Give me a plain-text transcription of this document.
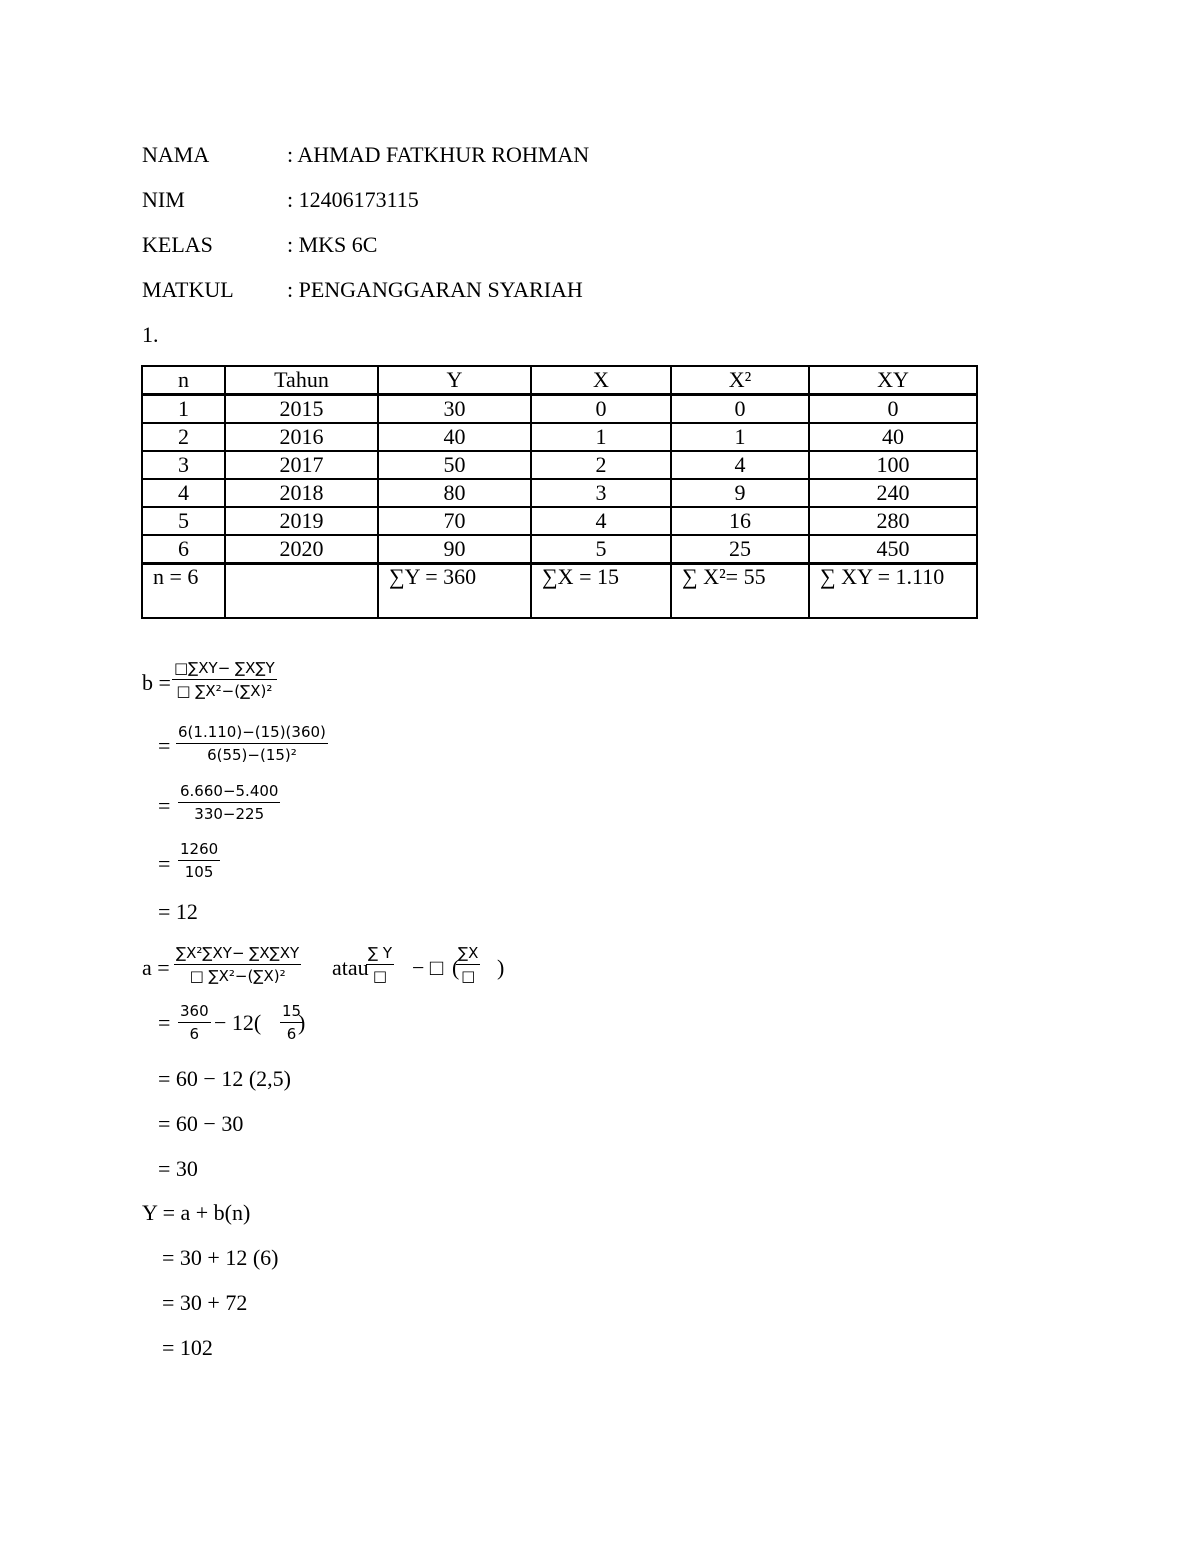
NAMA	: AHMAD FATKHUR ROHMAN
NIM	: 12406173115
KELAS	: MKS 6C
MATKUL : PENGANGGARAN SYARIAH
1.
n	Tahun	Y	X	X²	XY
1	2015	30	0	0	0
2	2016	40	1	1	40
3	2017	50	2	4	100
4	2018	80	3	9	240
5	2019	70	4	16	280
6	2020	90	5	25	450
n = 6		∑Y = 360	∑X = 15	∑ X²= 55	∑ XY = 1.110
$b = \frac{□\sum XY- \sum X\sum Y}{\text{□ ∑X²−(∑X)²}}$
= $\frac{6(1.110)-(15)(360)}{\text{6(55)−(15)²}}$
= $\frac{6.660-5.400}{330-225}$
= $\frac{1260}{105}$
= 12
$a = \frac{\text{∑X²∑XY− ∑X∑XY}}{\text{□ ∑X²−(∑X)²}}$ atau
∑ Y
□	− □ (
∑X
□ )
= $\frac{360}{6} - 12( \frac{15}{6}$
)
= 60 − 12 (2,5)
= 60 − 30
= 30
Y = a + b(n)
= 30 + 12 (6)
= 30 + 72
= 102
